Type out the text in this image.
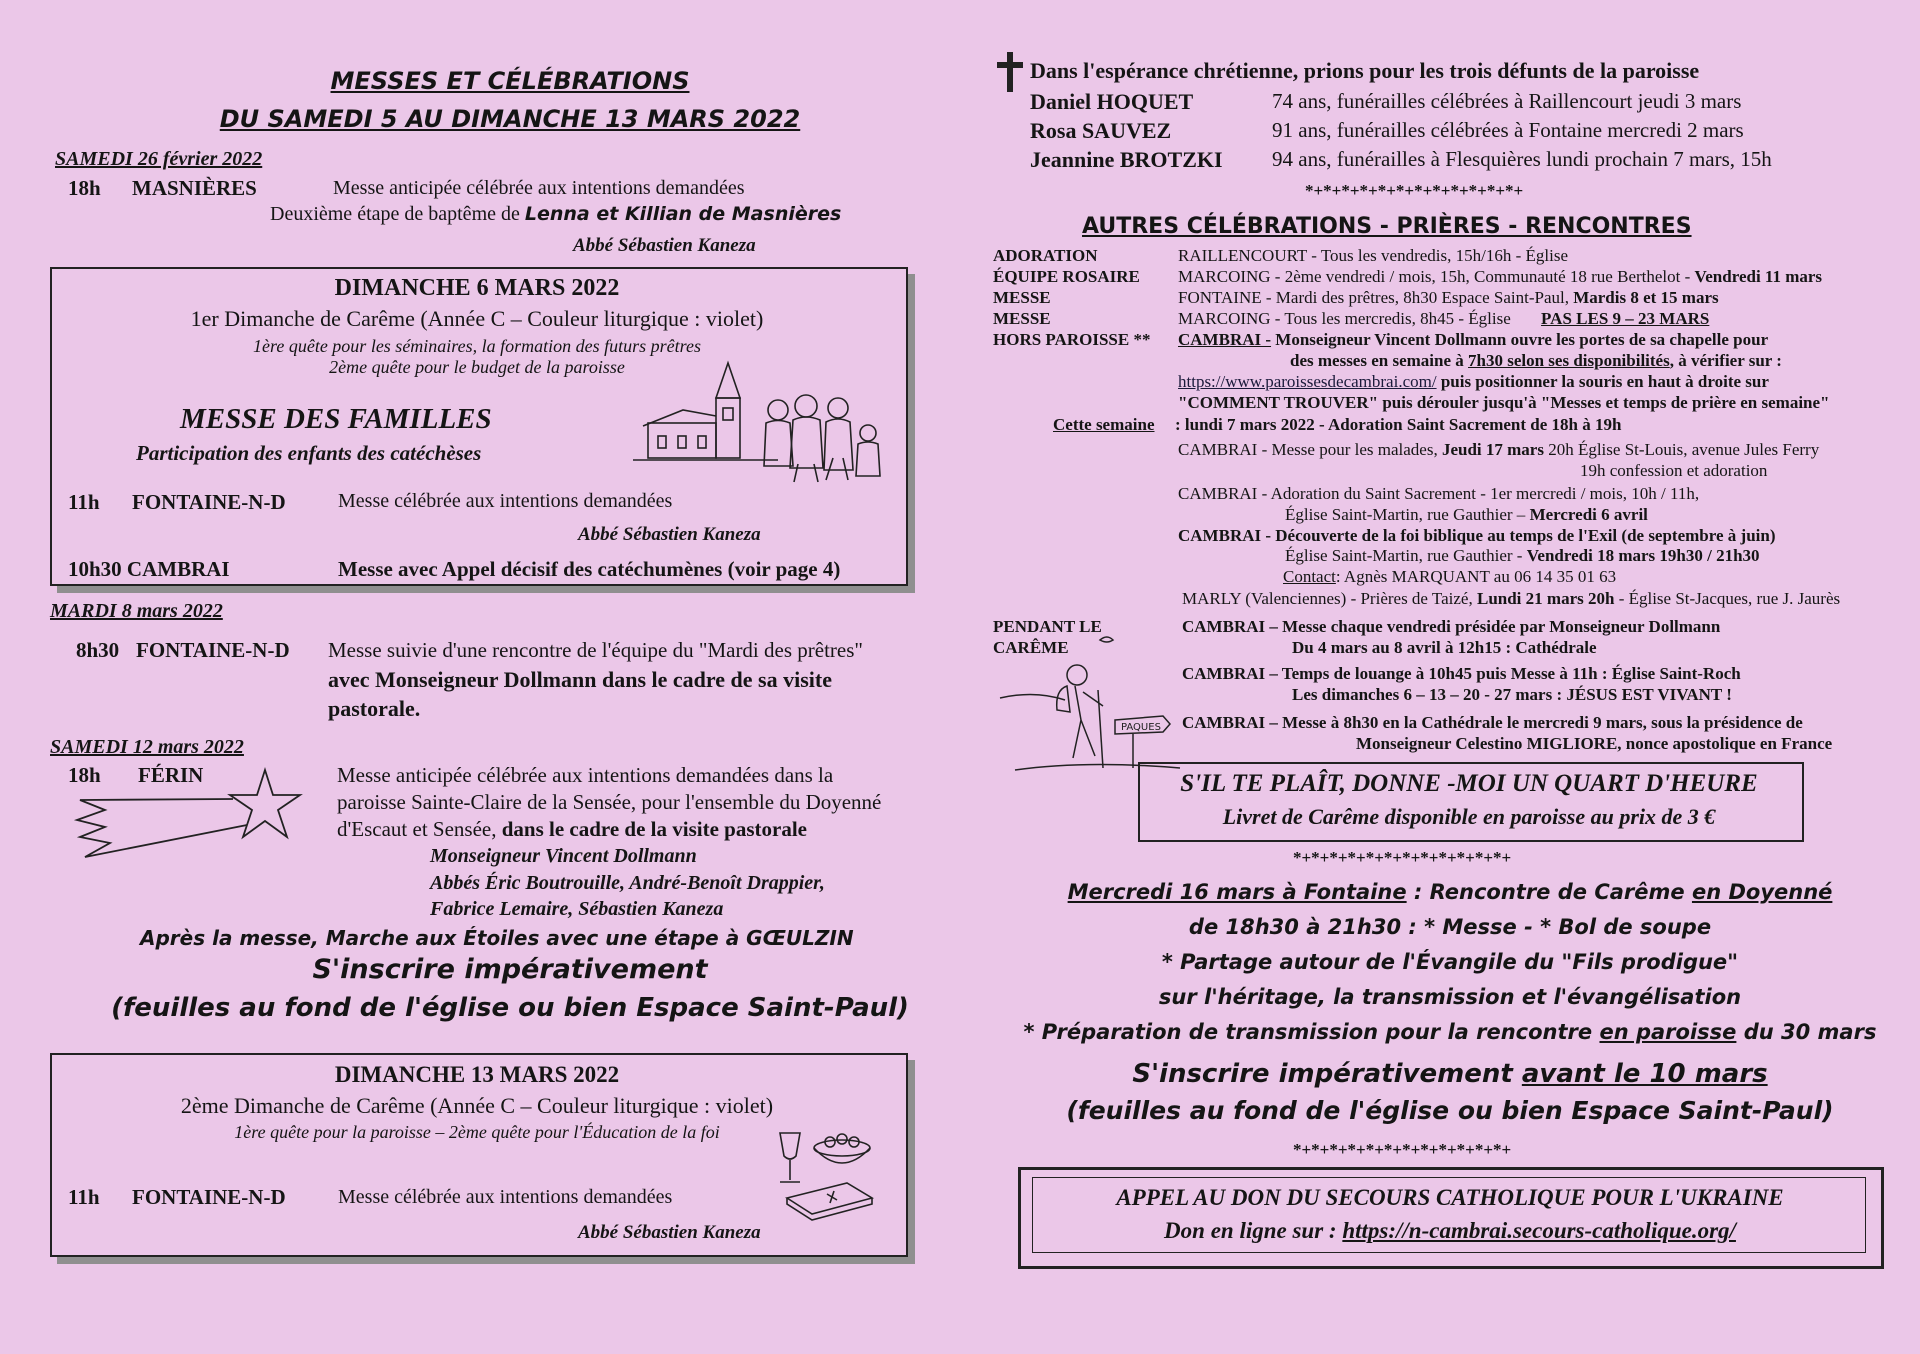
MESSES ET CÉLÉBRATIONS
DU SAMEDI 5 AU DIMANCHE 13 MARS 2022
SAMEDI 26 février 2022
18h MASNIÈRES	Messe anticipée célébrée aux intentions demandées
Deuxième étape de baptême de Lenna et Killian de Masnières
Abbé Sébastien Kaneza
DIMANCHE 6 MARS 2022
1er Dimanche de Carême (Année C – Couleur liturgique : violet)
1ère quête pour les séminaires, la formation des futurs prêtres
2ème quête pour le budget de la paroisse
MESSE DES FAMILLES
Participation des enfants des catéchèses
11h FONTAINE-N-D	Messe célébrée aux intentions demandées
Abbé Sébastien Kaneza
10h30 CAMBRAI	Messe avec Appel décisif des catéchumènes (voir page 4)
MARDI 8 mars 2022
8h30 FONTAINE-N-D Messe suivie d'une rencontre de l'équipe du "Mardi des prêtres"
avec Monseigneur Dollmann dans le cadre de sa visite
pastorale.
SAMEDI 12 mars 2022
18h FÉRIN	Messe anticipée célébrée aux intentions demandées dans la
paroisse Sainte-Claire de la Sensée, pour l'ensemble du Doyenné
d'Escaut et Sensée, dans le cadre de la visite pastorale
Monseigneur Vincent Dollmann
Abbés Éric Boutrouille, André-Benoît Drappier,
Fabrice Lemaire, Sébastien Kaneza
Après la messe, Marche aux Étoiles avec une étape à GŒULZIN
S'inscrire impérativement
(feuilles au fond de l'église ou bien Espace Saint-Paul)
DIMANCHE 13 MARS 2022
2ème Dimanche de Carême (Année C – Couleur liturgique : violet)
1ère quête pour la paroisse – 2ème quête pour l'Éducation de la foi
11h FONTAINE-N-D	Messe célébrée aux intentions demandées
Abbé Sébastien Kaneza
Dans l'espérance chrétienne, prions pour les trois défunts de la paroisse
Daniel HOQUET	74 ans, funérailles célébrées à Raillencourt jeudi 3 mars
Rosa SAUVEZ	91 ans, funérailles célébrées à Fontaine mercredi 2 mars
Jeannine BROTZKI 94 ans, funérailles à Flesquières lundi prochain 7 mars, 15h
*+*+*+*+*+*+*+*+*+*+*+*+
AUTRES CÉLÉBRATIONS - PRIÈRES - RENCONTRES
ADORATION	RAILLENCOURT - Tous les vendredis, 15h/16h - Église
ÉQUIPE ROSAIRE MARCOING - 2ème vendredi / mois, 15h, Communauté 18 rue Berthelot - Vendredi 11 mars
MESSE	FONTAINE - Mardi des prêtres, 8h30 Espace Saint-Paul, Mardis 8 et 15 mars
MESSE	MARCOING - Tous les mercredis, 8h45 - Église PAS LES 9 – 23 MARS
HORS PAROISSE ** CAMBRAI - Monseigneur Vincent Dollmann ouvre les portes de sa chapelle pour
des messes en semaine à 7h30 selon ses disponibilités, à vérifier sur :
https://www.paroissesdecambrai.com/ puis positionner la souris en haut à droite sur
"COMMENT TROUVER" puis dérouler jusqu'à "Messes et temps de prière en semaine"
Cette semaine : lundi 7 mars 2022 - Adoration Saint Sacrement de 18h à 19h
CAMBRAI - Messe pour les malades, Jeudi 17 mars 20h Église St-Louis, avenue Jules Ferry
19h confession et adoration
CAMBRAI - Adoration du Saint Sacrement - 1er mercredi / mois, 10h / 11h,
Église Saint-Martin, rue Gauthier – Mercredi 6 avril
CAMBRAI - Découverte de la foi biblique au temps de l'Exil (de septembre à juin)
Église Saint-Martin, rue Gauthier - Vendredi 18 mars 19h30 / 21h30
Contact: Agnès MARQUANT au 06 14 35 01 63
MARLY (Valenciennes) - Prières de Taizé, Lundi 21 mars 20h - Église St-Jacques, rue J. Jaurès
PENDANT LE
CARÊME
PAQUES
CAMBRAI – Messe chaque vendredi présidée par Monseigneur Dollmann
Du 4 mars au 8 avril à 12h15 : Cathédrale
CAMBRAI – Temps de louange à 10h45 puis Messe à 11h : Église Saint-Roch
Les dimanches 6 – 13 – 20 - 27 mars : JÉSUS EST VIVANT !
CAMBRAI – Messe à 8h30 en la Cathédrale le mercredi 9 mars, sous la présidence de
Monseigneur Celestino MIGLIORE, nonce apostolique en France
S'IL TE PLAÎT, DONNE -MOI UN QUART D'HEURE
Livret de Carême disponible en paroisse au prix de 3 €
*+*+*+*+*+*+*+*+*+*+*+*+
Mercredi 16 mars à Fontaine : Rencontre de Carême en Doyenné
de 18h30 à 21h30 : * Messe - * Bol de soupe
* Partage autour de l'Évangile du "Fils prodigue"
sur l'héritage, la transmission et l'évangélisation
* Préparation de transmission pour la rencontre en paroisse du 30 mars
S'inscrire impérativement avant le 10 mars
(feuilles au fond de l'église ou bien Espace Saint-Paul)
*+*+*+*+*+*+*+*+*+*+*+*+
APPEL AU DON DU SECOURS CATHOLIQUE POUR L'UKRAINE
Don en ligne sur : https://n-cambrai.secours-catholique.org/
